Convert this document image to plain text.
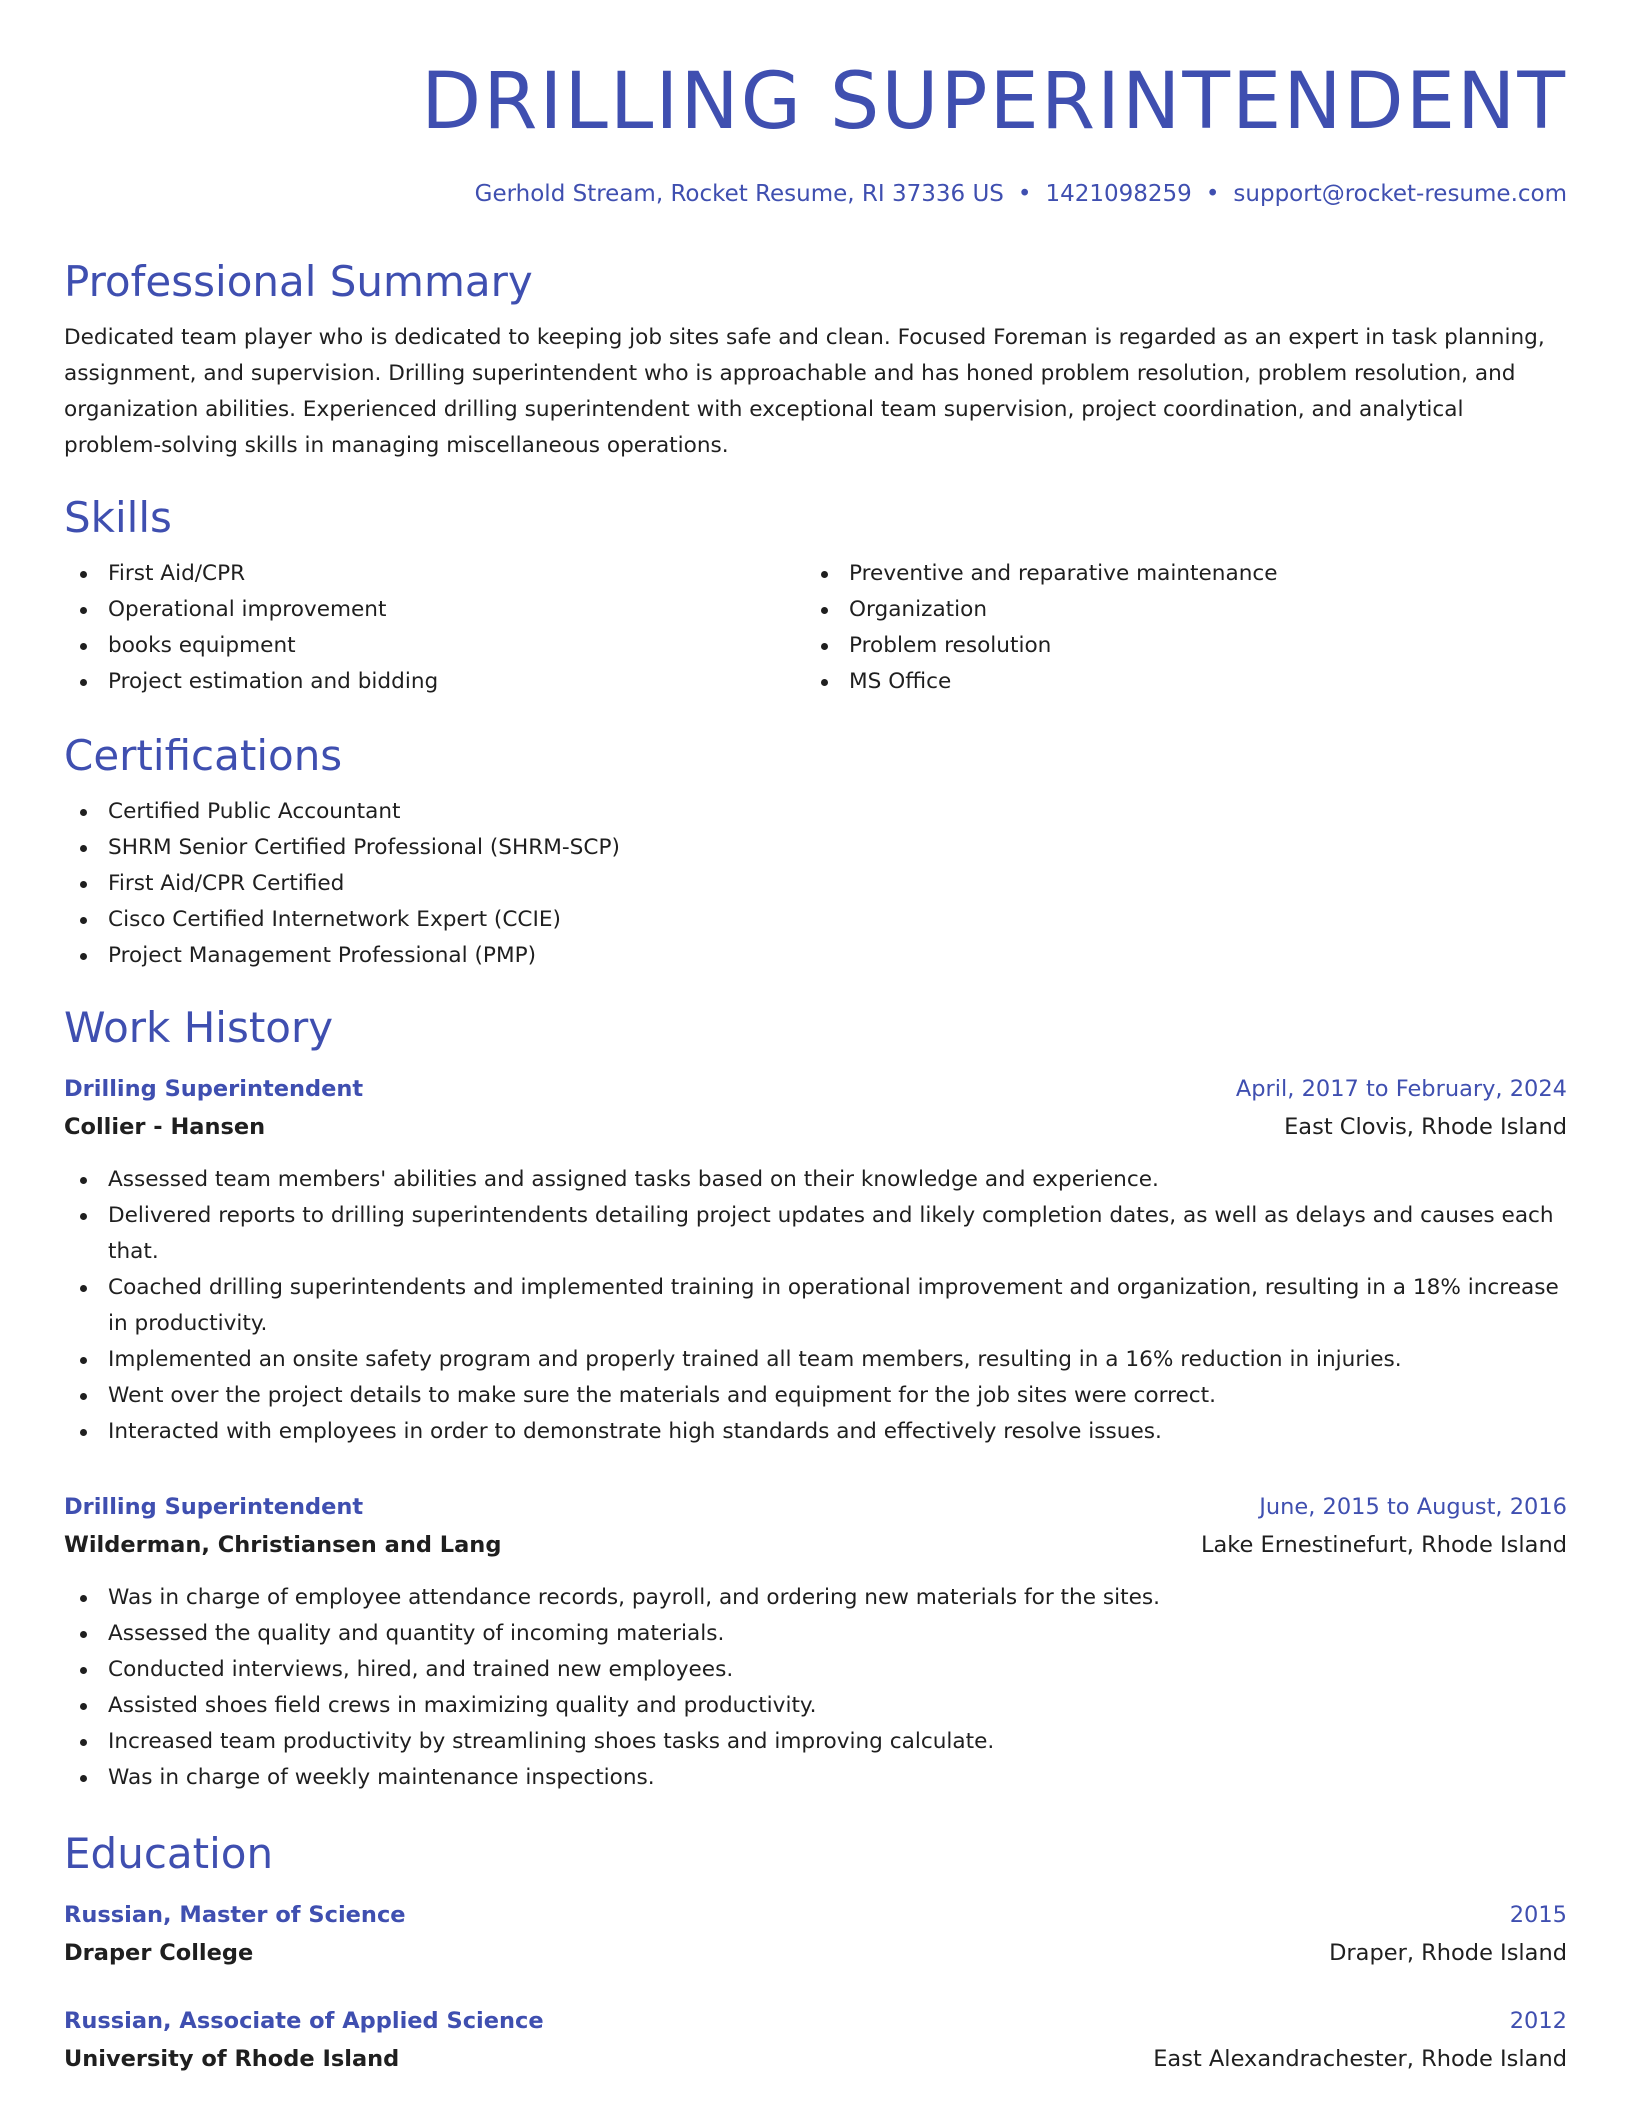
DRILLING SUPERINTENDENT
Gerhold Stream, Rocket Resume, RI 37336 US • 1421098259 • support@rocket-resume.com
Professional Summary

Dedicated team player who is dedicated to keeping job sites safe and clean. Focused Foreman is regarded as an expert in task planning, assignment, and supervision. Drilling superintendent who is approachable and has honed problem resolution, problem resolution, and organization abilities. Experienced drilling superintendent with exceptional team supervision, project coordination, and analytical problem-solving skills in managing miscellaneous operations.

Skills
First Aid/CPR
Operational improvement
books equipment
Project estimation and bidding
Preventive and reparative maintenance
Organization
Problem resolution
MS Office
Certifications
Certified Public Accountant
SHRM Senior Certified Professional (SHRM-SCP)
First Aid/CPR Certified
Cisco Certified Internetwork Expert (CCIE)
Project Management Professional (PMP)
Work History
Drilling Superintendent	April, 2017 to February, 2024
Collier - Hansen	East Clovis, Rhode Island
Assessed team members' abilities and assigned tasks based on their knowledge and experience.
Delivered reports to drilling superintendents detailing project updates and likely completion dates, as well as delays and causes each that.
Coached drilling superintendents and implemented training in operational improvement and organization, resulting in a 18% increase in productivity.
Implemented an onsite safety program and properly trained all team members, resulting in a 16% reduction in injuries.
Went over the project details to make sure the materials and equipment for the job sites were correct.
Interacted with employees in order to demonstrate high standards and effectively resolve issues.
Drilling Superintendent	June, 2015 to August, 2016
Wilderman, Christiansen and Lang	Lake Ernestinefurt, Rhode Island
Was in charge of employee attendance records, payroll, and ordering new materials for the sites.
Assessed the quality and quantity of incoming materials.
Conducted interviews, hired, and trained new employees.
Assisted shoes field crews in maximizing quality and productivity.
Increased team productivity by streamlining shoes tasks and improving calculate.
Was in charge of weekly maintenance inspections.
Education
Russian, Master of Science	2015
Draper College	Draper, Rhode Island
Russian, Associate of Applied Science	2012
University of Rhode Island	East Alexandrachester, Rhode Island
